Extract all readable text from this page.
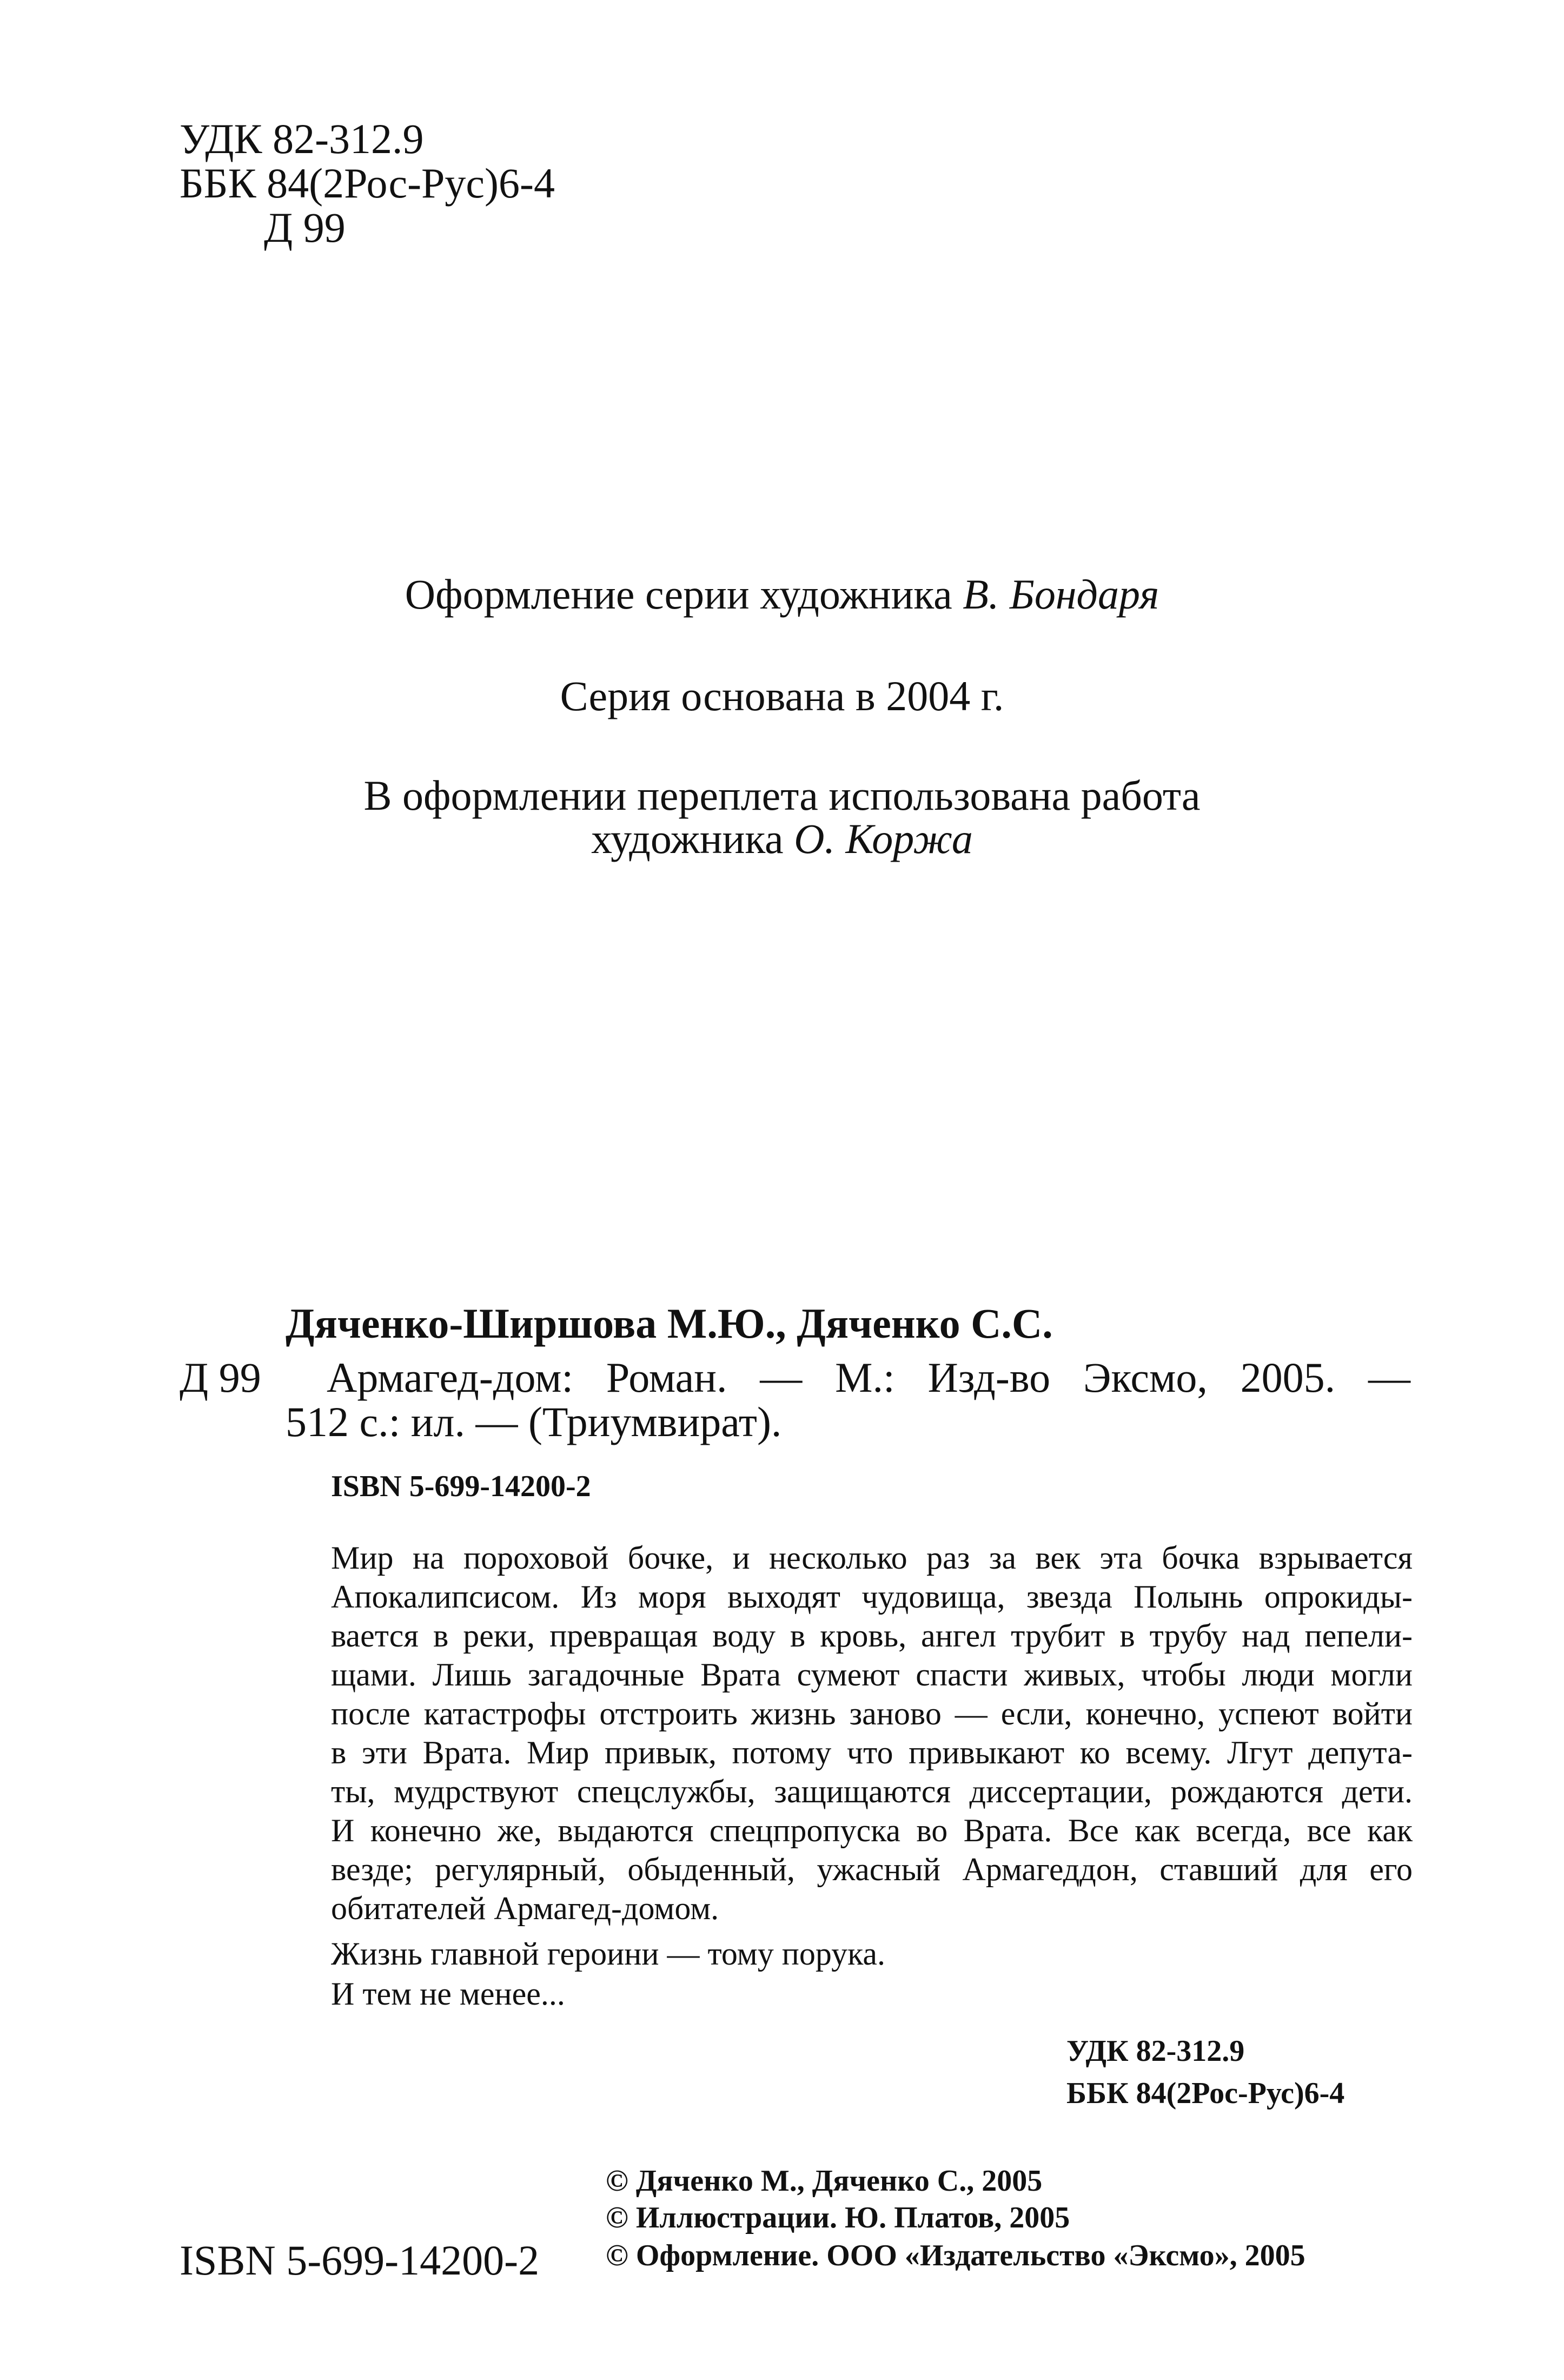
УДК 82-312.9
ББК 84(2Рос-Рус)6-4
Д 99
Оформление серии художника В. Бондаря
Серия основана в 2004 г.
В оформлении переплета использована работа
художника О. Коржа
Дяченко-Ширшова М.Ю., Дяченко С.С.
Д 99 Армагед-дом: Роман. — М.: Изд-во Эксмо, 2005. —
512 с.: ил. — (Триумвират).
ISBN 5-699-14200-2
Мир на пороховой бочке, и несколько раз за век эта бочка взрывается
Апокалипсисом. Из моря выходят чудовища, звезда Полынь опрокиды-
вается в реки, превращая воду в кровь, ангел трубит в трубу над пепели-
щами. Лишь загадочные Врата сумеют спасти живых, чтобы люди могли
после катастрофы отстроить жизнь заново — если, конечно, успеют войти
в эти Врата. Мир привык, потому что привыкают ко всему. Лгут депута-
ты, мудрствуют спецслужбы, защищаются диссертации, рождаются дети.
И конечно же, выдаются спецпропуска во Врата. Все как всегда, все как
везде; регулярный, обыденный, ужасный Армагеддон, ставший для его
обитателей Армагед-домом.
Жизнь главной героини — тому порука.
И тем не менее...
УДК 82-312.9
ББК 84(2Рос-Рус)6-4
ISBN 5-699-14200-2
© Дяченко М., Дяченко С., 2005
© Иллюстрации. Ю. Платов, 2005
© Оформление. ООО «Издательство «Эксмо», 2005
